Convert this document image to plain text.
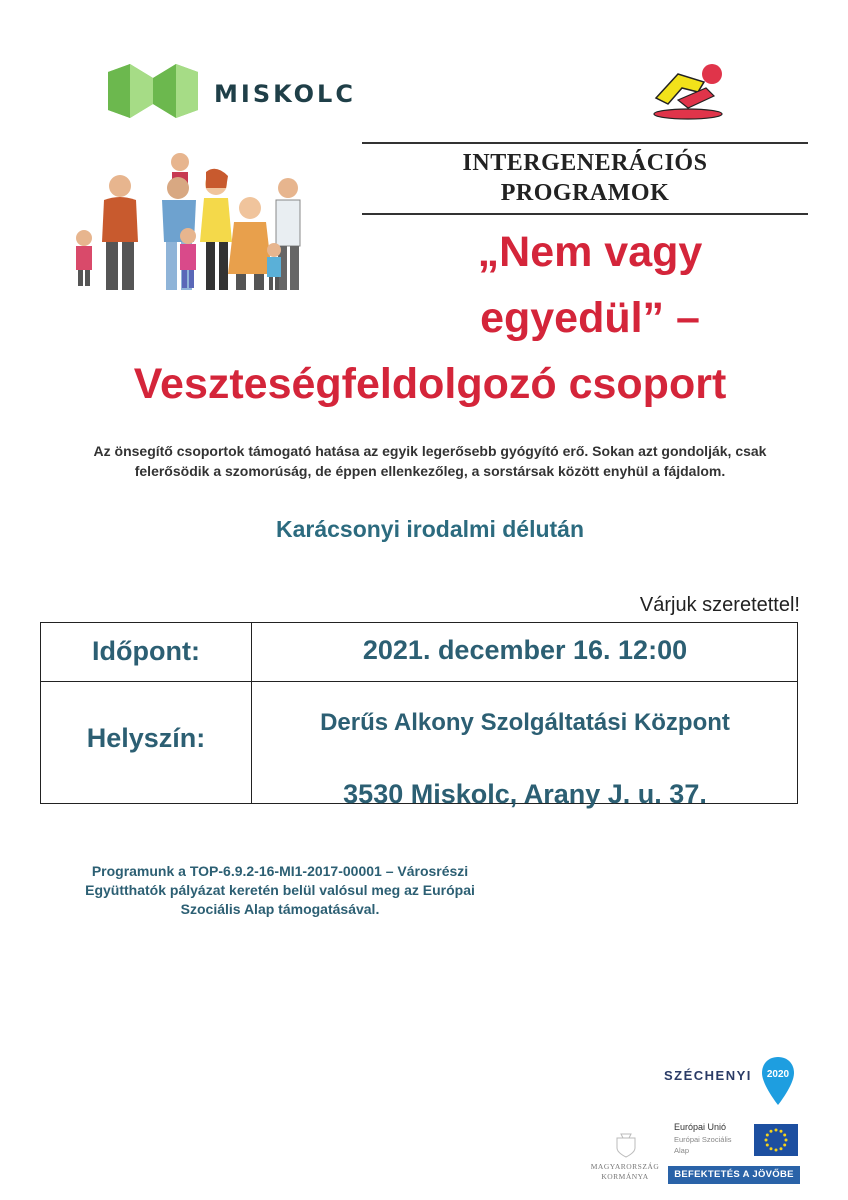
MISKOLC
INTERGENERÁCIÓS
PROGRAMOK
„Nem vagy
egyedül” –
Veszteségfeldolgozó csoport
Az önsegítő csoportok támogató hatása az egyik legerősebb gyógyító erő. Sokan azt gondolják, csak
felerősödik a szomorúság, de éppen ellenkezőleg, a sorstársak között enyhül a fájdalom.
Karácsonyi irodalmi délután
Várjuk szeretettel!
Időpont:	2021. december 16. 12:00
Helyszín:
Derűs Alkony Szolgáltatási Központ
3530 Miskolc, Arany J. u. 37.
Programunk a TOP-6.9.2-16-MI1-2017-00001 – Városrészi
Együtthatók pályázat keretén belül valósul meg az Európai
Szociális Alap támogatásával.
SZÉCHENYI 2020
Európai Unió
Európai Szociális
Alap
BEFEKTETÉS A JÖVŐBE
MAGYARORSZÁG
KORMÁNYA
